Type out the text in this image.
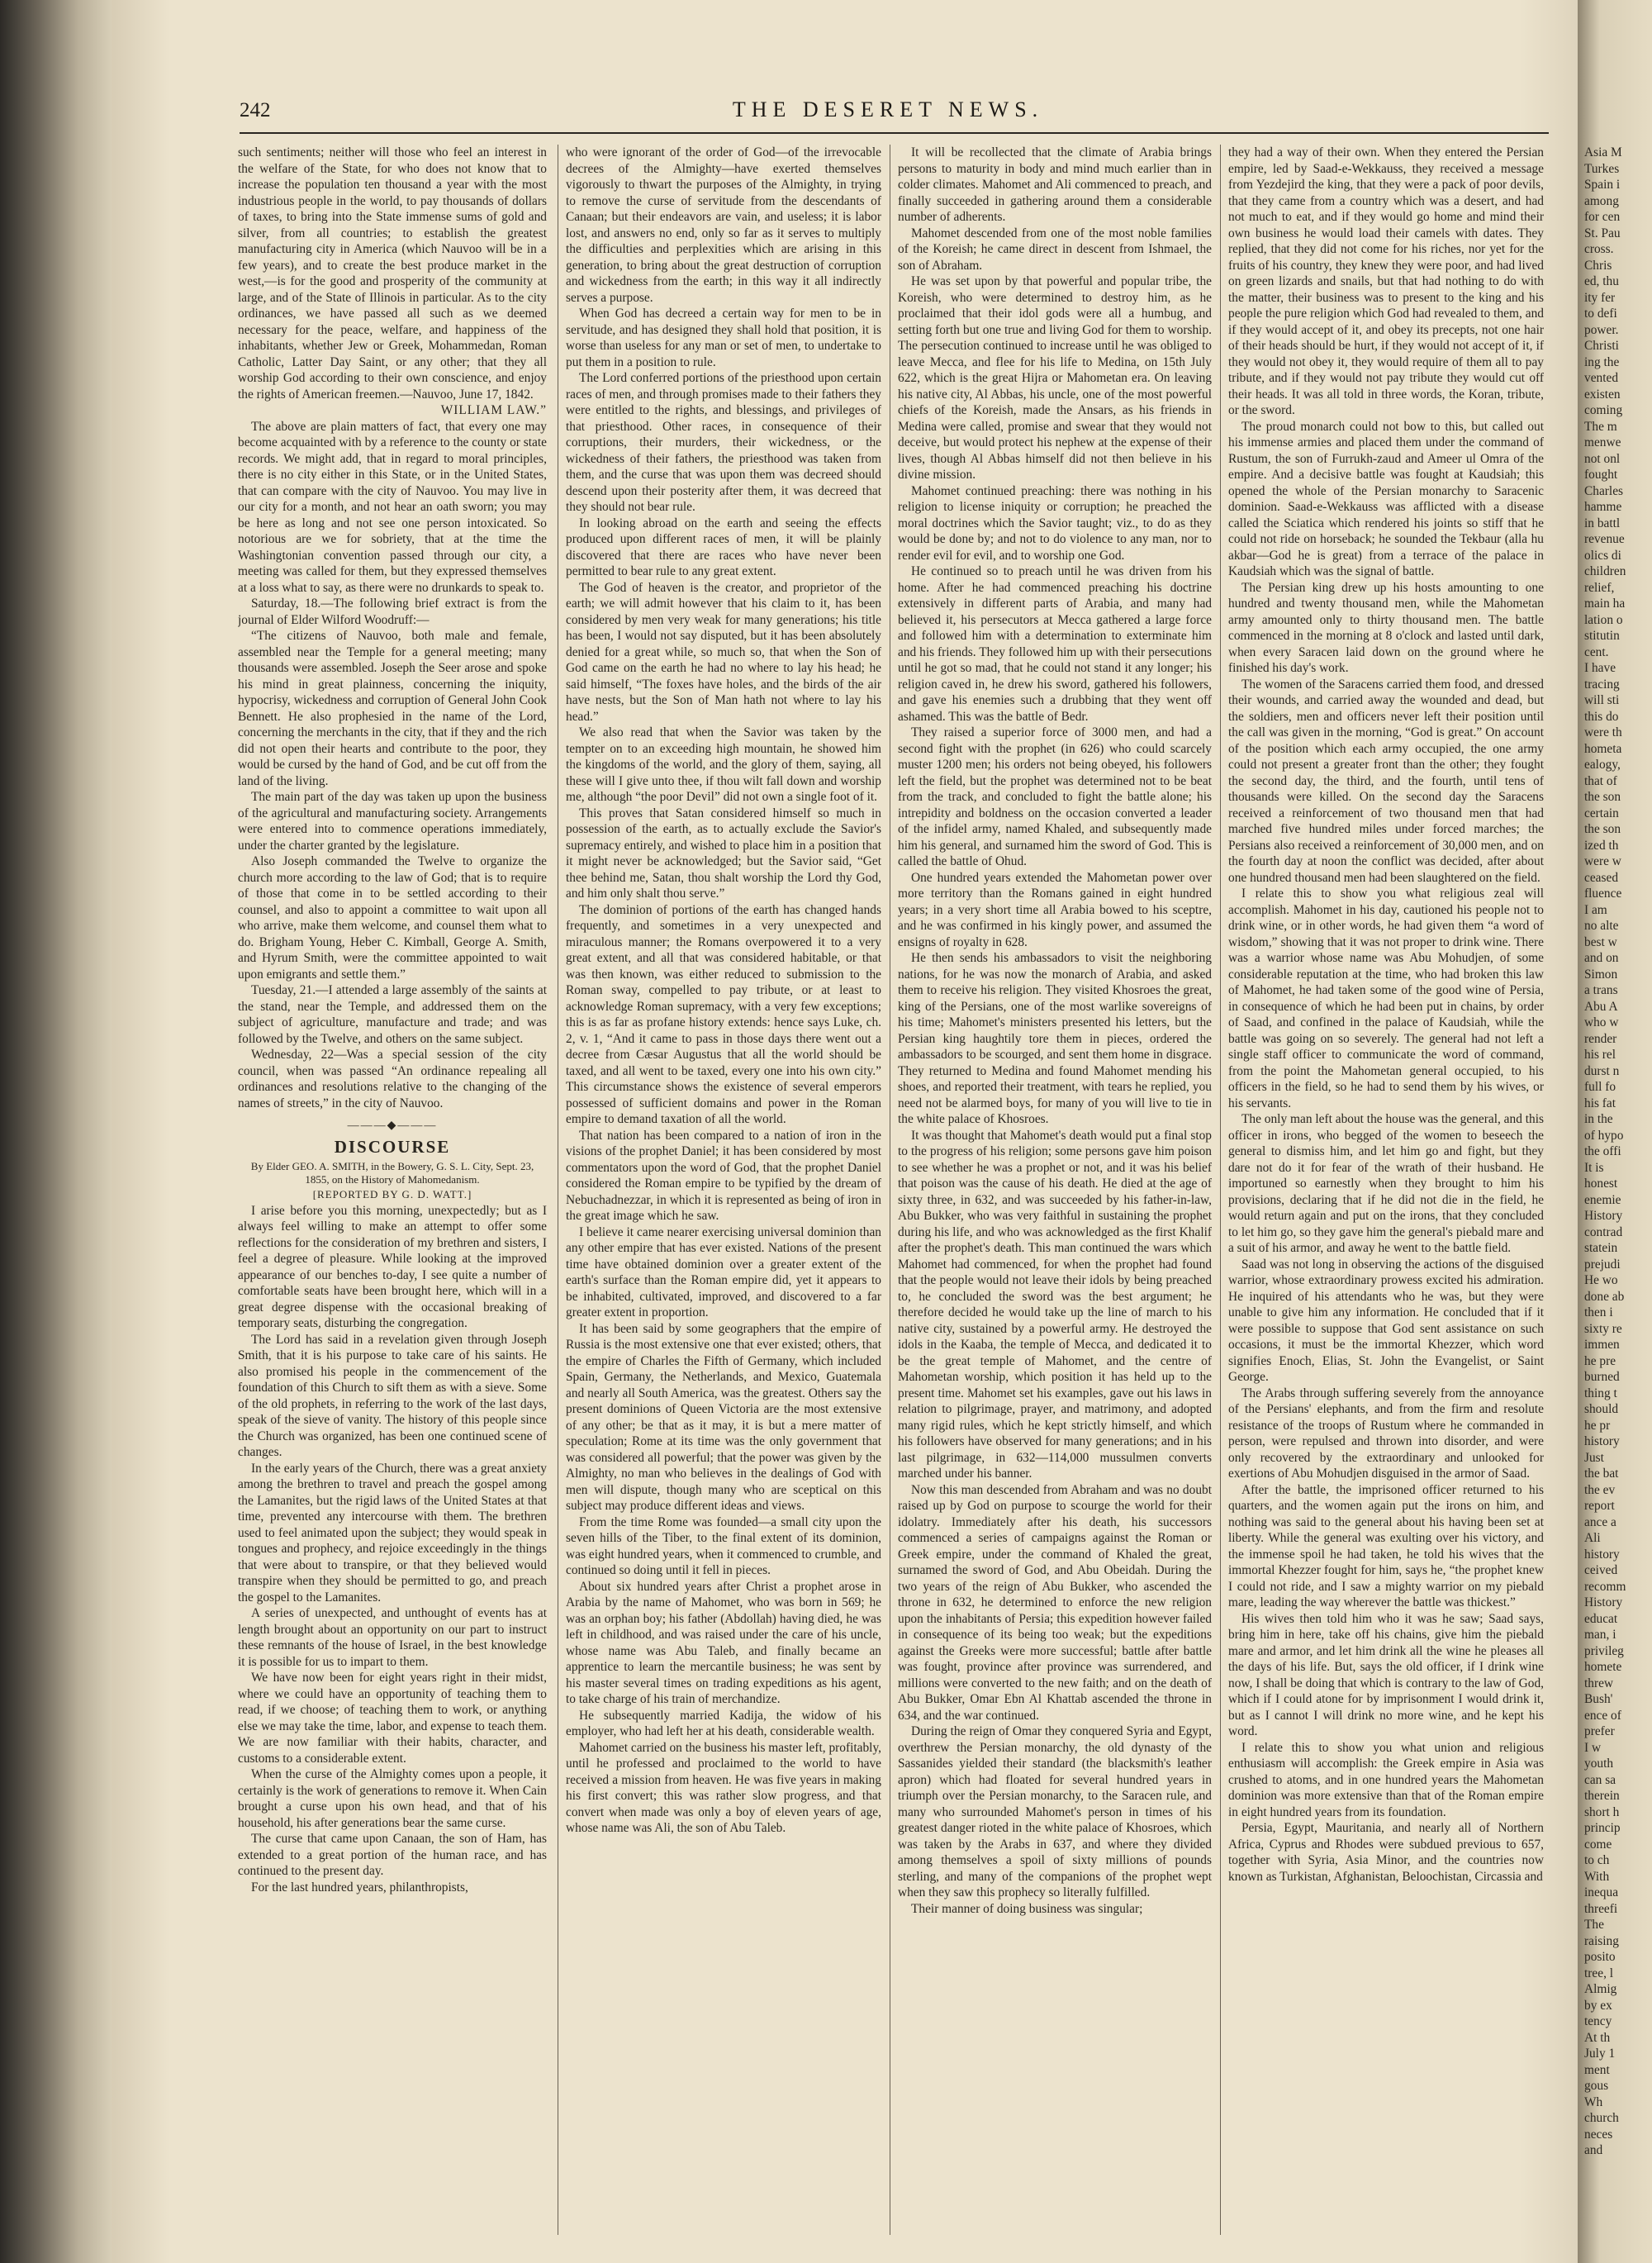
242	THE DESERET NEWS.

such sentiments; neither will those who feel an interest in the welfare of the State, for who does not know that to increase the population ten thousand a year with the most industrious people in the world, to pay thousands of dollars of taxes, to bring into the State immense sums of gold and silver, from all countries; to establish the greatest manufacturing city in America (which Nauvoo will be in a few years), and to create the best produce market in the west,—is for the good and prosperity of the community at large, and of the State of Illinois in particular. As to the city ordinances, we have passed all such as we deemed necessary for the peace, welfare, and happiness of the inhabitants, whether Jew or Greek, Mohammedan, Roman Catholic, Latter Day Saint, or any other; that they all worship God according to their own conscience, and enjoy the rights of American freemen.—Nauvoo, June 17, 1842.

WILLIAM LAW.”

The above are plain matters of fact, that every one may become acquainted with by a reference to the county or state records. We might add, that in regard to moral principles, there is no city either in this State, or in the United States, that can compare with the city of Nauvoo. You may live in our city for a month, and not hear an oath sworn; you may be here as long and not see one person intoxicated. So notorious are we for sobriety, that at the time the Washingtonian convention passed through our city, a meeting was called for them, but they expressed themselves at a loss what to say, as there were no drunkards to speak to.

Saturday, 18.—The following brief extract is from the journal of Elder Wilford Woodruff:—

“The citizens of Nauvoo, both male and female, assembled near the Temple for a general meeting; many thousands were assembled. Joseph the Seer arose and spoke his mind in great plainness, concerning the iniquity, hypocrisy, wickedness and corruption of General John Cook Bennett. He also prophesied in the name of the Lord, concerning the merchants in the city, that if they and the rich did not open their hearts and contribute to the poor, they would be cursed by the hand of God, and be cut off from the land of the living.

The main part of the day was taken up upon the business of the agricultural and manufacturing society. Arrangements were entered into to commence operations immediately, under the charter granted by the legislature.

Also Joseph commanded the Twelve to organize the church more according to the law of God; that is to require of those that come in to be settled according to their counsel, and also to appoint a committee to wait upon all who arrive, make them welcome, and counsel them what to do. Brigham Young, Heber C. Kimball, George A. Smith, and Hyrum Smith, were the committee appointed to wait upon emigrants and settle them.”

Tuesday, 21.—I attended a large assembly of the saints at the stand, near the Temple, and addressed them on the subject of agriculture, manufacture and trade; and was followed by the Twelve, and others on the same subject.

Wednesday, 22—Was a special session of the city council, when was passed “An ordinance repealing all ordinances and resolutions relative to the changing of the names of streets,” in the city of Nauvoo.

———◆———
DISCOURSE

By Elder GEO. A. SMITH, in the Bowery, G. S. L. City, Sept. 23, 1855, on the History of Mahomedanism.

[REPORTED BY G. D. WATT.]

I arise before you this morning, unexpectedly; but as I always feel willing to make an attempt to offer some reflections for the consideration of my brethren and sisters, I feel a degree of pleasure. While looking at the improved appearance of our benches to-day, I see quite a number of comfortable seats have been brought here, which will in a great degree dispense with the occasional breaking of temporary seats, disturbing the congregation.

The Lord has said in a revelation given through Joseph Smith, that it is his purpose to take care of his saints. He also promised his people in the commencement of the foundation of this Church to sift them as with a sieve. Some of the old prophets, in referring to the work of the last days, speak of the sieve of vanity. The history of this people since the Church was organized, has been one continued scene of changes.

In the early years of the Church, there was a great anxiety among the brethren to travel and preach the gospel among the Lamanites, but the rigid laws of the United States at that time, prevented any intercourse with them. The brethren used to feel animated upon the subject; they would speak in tongues and prophecy, and rejoice exceedingly in the things that were about to transpire, or that they believed would transpire when they should be permitted to go, and preach the gospel to the Lamanites.

A series of unexpected, and unthought of events has at length brought about an opportunity on our part to instruct these remnants of the house of Israel, in the best knowledge it is possible for us to impart to them.

We have now been for eight years right in their midst, where we could have an opportunity of teaching them to read, if we choose; of teaching them to work, or anything else we may take the time, labor, and expense to teach them. We are now familiar with their habits, character, and customs to a considerable extent.

When the curse of the Almighty comes upon a people, it certainly is the work of generations to remove it. When Cain brought a curse upon his own head, and that of his household, his after generations bear the same curse.

The curse that came upon Canaan, the son of Ham, has extended to a great portion of the human race, and has continued to the present day.

For the last hundred years, philanthropists,

who were ignorant of the order of God—of the irrevocable decrees of the Almighty—have exerted themselves vigorously to thwart the purposes of the Almighty, in trying to remove the curse of servitude from the descendants of Canaan; but their endeavors are vain, and useless; it is labor lost, and answers no end, only so far as it serves to multiply the difficulties and perplexities which are arising in this generation, to bring about the great destruction of corruption and wickedness from the earth; in this way it all indirectly serves a purpose.

When God has decreed a certain way for men to be in servitude, and has designed they shall hold that position, it is worse than useless for any man or set of men, to undertake to put them in a position to rule.

The Lord conferred portions of the priesthood upon certain races of men, and through promises made to their fathers they were entitled to the rights, and blessings, and privileges of that priesthood. Other races, in consequence of their corruptions, their murders, their wickedness, or the wickedness of their fathers, the priesthood was taken from them, and the curse that was upon them was decreed should descend upon their posterity after them, it was decreed that they should not bear rule.

In looking abroad on the earth and seeing the effects produced upon different races of men, it will be plainly discovered that there are races who have never been permitted to bear rule to any great extent.

The God of heaven is the creator, and proprietor of the earth; we will admit however that his claim to it, has been considered by men very weak for many generations; his title has been, I would not say disputed, but it has been absolutely denied for a great while, so much so, that when the Son of God came on the earth he had no where to lay his head; he said himself, “The foxes have holes, and the birds of the air have nests, but the Son of Man hath not where to lay his head.”

We also read that when the Savior was taken by the tempter on to an exceeding high mountain, he showed him the kingdoms of the world, and the glory of them, saying, all these will I give unto thee, if thou wilt fall down and worship me, although “the poor Devil” did not own a single foot of it.

This proves that Satan considered himself so much in possession of the earth, as to actually exclude the Savior's supremacy entirely, and wished to place him in a position that it might never be acknowledged; but the Savior said, “Get thee behind me, Satan, thou shalt worship the Lord thy God, and him only shalt thou serve.”

The dominion of portions of the earth has changed hands frequently, and sometimes in a very unexpected and miraculous manner; the Romans overpowered it to a very great extent, and all that was considered habitable, or that was then known, was either reduced to submission to the Roman sway, compelled to pay tribute, or at least to acknowledge Roman supremacy, with a very few exceptions; this is as far as profane history extends: hence says Luke, ch. 2, v. 1, “And it came to pass in those days there went out a decree from Cæsar Augustus that all the world should be taxed, and all went to be taxed, every one into his own city.” This circumstance shows the existence of several emperors possessed of sufficient domains and power in the Roman empire to demand taxation of all the world.

That nation has been compared to a nation of iron in the visions of the prophet Daniel; it has been considered by most commentators upon the word of God, that the prophet Daniel considered the Roman empire to be typified by the dream of Nebuchadnezzar, in which it is represented as being of iron in the great image which he saw.

I believe it came nearer exercising universal dominion than any other empire that has ever existed. Nations of the present time have obtained dominion over a greater extent of the earth's surface than the Roman empire did, yet it appears to be inhabited, cultivated, improved, and discovered to a far greater extent in proportion.

It has been said by some geographers that the empire of Russia is the most extensive one that ever existed; others, that the empire of Charles the Fifth of Germany, which included Spain, Germany, the Netherlands, and Mexico, Guatemala and nearly all South America, was the greatest. Others say the present dominions of Queen Victoria are the most extensive of any other; be that as it may, it is but a mere matter of speculation; Rome at its time was the only government that was considered all powerful; that the power was given by the Almighty, no man who believes in the dealings of God with men will dispute, though many who are sceptical on this subject may produce different ideas and views.

From the time Rome was founded—a small city upon the seven hills of the Tiber, to the final extent of its dominion, was eight hundred years, when it commenced to crumble, and continued so doing until it fell in pieces.

About six hundred years after Christ a prophet arose in Arabia by the name of Mahomet, who was born in 569; he was an orphan boy; his father (Abdollah) having died, he was left in childhood, and was raised under the care of his uncle, whose name was Abu Taleb, and finally became an apprentice to learn the mercantile business; he was sent by his master several times on trading expeditions as his agent, to take charge of his train of merchandize.

He subsequently married Kadija, the widow of his employer, who had left her at his death, considerable wealth.

Mahomet carried on the business his master left, profitably, until he professed and proclaimed to the world to have received a mission from heaven. He was five years in making his first convert; this was rather slow progress, and that convert when made was only a boy of eleven years of age, whose name was Ali, the son of Abu Taleb.

It will be recollected that the climate of Arabia brings persons to maturity in body and mind much earlier than in colder climates. Mahomet and Ali commenced to preach, and finally succeeded in gathering around them a considerable number of adherents.

Mahomet descended from one of the most noble families of the Koreish; he came direct in descent from Ishmael, the son of Abraham.

He was set upon by that powerful and popular tribe, the Koreish, who were determined to destroy him, as he proclaimed that their idol gods were all a humbug, and setting forth but one true and living God for them to worship. The persecution continued to increase until he was obliged to leave Mecca, and flee for his life to Medina, on 15th July 622, which is the great Hijra or Mahometan era. On leaving his native city, Al Abbas, his uncle, one of the most powerful chiefs of the Koreish, made the Ansars, as his friends in Medina were called, promise and swear that they would not deceive, but would protect his nephew at the expense of their lives, though Al Abbas himself did not then believe in his divine mission.

Mahomet continued preaching: there was nothing in his religion to license iniquity or corruption; he preached the moral doctrines which the Savior taught; viz., to do as they would be done by; and not to do violence to any man, nor to render evil for evil, and to worship one God.

He continued so to preach until he was driven from his home. After he had commenced preaching his doctrine extensively in different parts of Arabia, and many had believed it, his persecutors at Mecca gathered a large force and followed him with a determination to exterminate him and his friends. They followed him up with their persecutions until he got so mad, that he could not stand it any longer; his religion caved in, he drew his sword, gathered his followers, and gave his enemies such a drubbing that they went off ashamed. This was the battle of Bedr.

They raised a superior force of 3000 men, and had a second fight with the prophet (in 626) who could scarcely muster 1200 men; his orders not being obeyed, his followers left the field, but the prophet was determined not to be beat from the track, and concluded to fight the battle alone; his intrepidity and boldness on the occasion converted a leader of the infidel army, named Khaled, and subsequently made him his general, and surnamed him the sword of God. This is called the battle of Ohud.

One hundred years extended the Mahometan power over more territory than the Romans gained in eight hundred years; in a very short time all Arabia bowed to his sceptre, and he was confirmed in his kingly power, and assumed the ensigns of royalty in 628.

He then sends his ambassadors to visit the neighboring nations, for he was now the monarch of Arabia, and asked them to receive his religion. They visited Khosroes the great, king of the Persians, one of the most warlike sovereigns of his time; Mahomet's ministers presented his letters, but the Persian king haughtily tore them in pieces, ordered the ambassadors to be scourged, and sent them home in disgrace. They returned to Medina and found Mahomet mending his shoes, and reported their treatment, with tears he replied, you need not be alarmed boys, for many of you will live to tie in the white palace of Khosroes.

It was thought that Mahomet's death would put a final stop to the progress of his religion; some persons gave him poison to see whether he was a prophet or not, and it was his belief that poison was the cause of his death. He died at the age of sixty three, in 632, and was succeeded by his father-in-law, Abu Bukker, who was very faithful in sustaining the prophet during his life, and who was acknowledged as the first Khalif after the prophet's death. This man continued the wars which Mahomet had commenced, for when the prophet had found that the people would not leave their idols by being preached to, he concluded the sword was the best argument; he therefore decided he would take up the line of march to his native city, sustained by a powerful army. He destroyed the idols in the Kaaba, the temple of Mecca, and dedicated it to be the great temple of Mahomet, and the centre of Mahometan worship, which position it has held up to the present time. Mahomet set his examples, gave out his laws in relation to pilgrimage, prayer, and matrimony, and adopted many rigid rules, which he kept strictly himself, and which his followers have observed for many generations; and in his last pilgrimage, in 632—114,000 mussulmen converts marched under his banner.

Now this man descended from Abraham and was no doubt raised up by God on purpose to scourge the world for their idolatry. Immediately after his death, his successors commenced a series of campaigns against the Roman or Greek empire, under the command of Khaled the great, surnamed the sword of God, and Abu Obeidah. During the two years of the reign of Abu Bukker, who ascended the throne in 632, he determined to enforce the new religion upon the inhabitants of Persia; this expedition however failed in consequence of its being too weak; but the expeditions against the Greeks were more successful; battle after battle was fought, province after province was surrendered, and millions were converted to the new faith; and on the death of Abu Bukker, Omar Ebn Al Khattab ascended the throne in 634, and the war continued.

During the reign of Omar they conquered Syria and Egypt, overthrew the Persian monarchy, the old dynasty of the Sassanides yielded their standard (the blacksmith's leather apron) which had floated for several hundred years in triumph over the Persian monarchy, to the Saracen rule, and many who surrounded Mahomet's person in times of his greatest danger rioted in the white palace of Khosroes, which was taken by the Arabs in 637, and where they divided among themselves a spoil of sixty millions of pounds sterling, and many of the companions of the prophet wept when they saw this prophecy so literally fulfilled.

Their manner of doing business was singular;

they had a way of their own. When they entered the Persian empire, led by Saad-e-Wekkauss, they received a message from Yezdejird the king, that they were a pack of poor devils, that they came from a country which was a desert, and had not much to eat, and if they would go home and mind their own business he would load their camels with dates. They replied, that they did not come for his riches, nor yet for the fruits of his country, they knew they were poor, and had lived on green lizards and snails, but that had nothing to do with the matter, their business was to present to the king and his people the pure religion which God had revealed to them, and if they would accept of it, and obey its precepts, not one hair of their heads should be hurt, if they would not accept of it, if they would not obey it, they would require of them all to pay tribute, and if they would not pay tribute they would cut off their heads. It was all told in three words, the Koran, tribute, or the sword.

The proud monarch could not bow to this, but called out his immense armies and placed them under the command of Rustum, the son of Furrukh-zaud and Ameer ul Omra of the empire. And a decisive battle was fought at Kaudsiah; this opened the whole of the Persian monarchy to Saracenic dominion. Saad-e-Wekkauss was afflicted with a disease called the Sciatica which rendered his joints so stiff that he could not ride on horseback; he sounded the Tekbaur (alla hu akbar—God he is great) from a terrace of the palace in Kaudsiah which was the signal of battle.

The Persian king drew up his hosts amounting to one hundred and twenty thousand men, while the Mahometan army amounted only to thirty thousand men. The battle commenced in the morning at 8 o'clock and lasted until dark, when every Saracen laid down on the ground where he finished his day's work.

The women of the Saracens carried them food, and dressed their wounds, and carried away the wounded and dead, but the soldiers, men and officers never left their position until the call was given in the morning, “God is great.” On account of the position which each army occupied, the one army could not present a greater front than the other; they fought the second day, the third, and the fourth, until tens of thousands were killed. On the second day the Saracens received a reinforcement of two thousand men that had marched five hundred miles under forced marches; the Persians also received a reinforcement of 30,000 men, and on the fourth day at noon the conflict was decided, after about one hundred thousand men had been slaughtered on the field.

I relate this to show you what religious zeal will accomplish. Mahomet in his day, cautioned his people not to drink wine, or in other words, he had given them “a word of wisdom,” showing that it was not proper to drink wine. There was a warrior whose name was Abu Mohudjen, of some considerable reputation at the time, who had broken this law of Mahomet, he had taken some of the good wine of Persia, in consequence of which he had been put in chains, by order of Saad, and confined in the palace of Kaudsiah, while the battle was going on so severely. The general had not left a single staff officer to communicate the word of command, from the point the Mahometan general occupied, to his officers in the field, so he had to send them by his wives, or his servants.

The only man left about the house was the general, and this officer in irons, who begged of the women to beseech the general to dismiss him, and let him go and fight, but they dare not do it for fear of the wrath of their husband. He importuned so earnestly when they brought to him his provisions, declaring that if he did not die in the field, he would return again and put on the irons, that they concluded to let him go, so they gave him the general's piebald mare and a suit of his armor, and away he went to the battle field.

Saad was not long in observing the actions of the disguised warrior, whose extraordinary prowess excited his admiration. He inquired of his attendants who he was, but they were unable to give him any information. He concluded that if it were possible to suppose that God sent assistance on such occasions, it must be the immortal Khezzer, which word signifies Enoch, Elias, St. John the Evangelist, or Saint George.

The Arabs through suffering severely from the annoyance of the Persians' elephants, and from the firm and resolute resistance of the troops of Rustum where he commanded in person, were repulsed and thrown into disorder, and were only recovered by the extraordinary and unlooked for exertions of Abu Mohudjen disguised in the armor of Saad.

After the battle, the imprisoned officer returned to his quarters, and the women again put the irons on him, and nothing was said to the general about his having been set at liberty. While the general was exulting over his victory, and the immense spoil he had taken, he told his wives that the immortal Khezzer fought for him, says he, “the prophet knew I could not ride, and I saw a mighty warrior on my piebald mare, leading the way wherever the battle was thickest.”

His wives then told him who it was he saw; Saad says, bring him in here, take off his chains, give him the piebald mare and armor, and let him drink all the wine he pleases all the days of his life. But, says the old officer, if I drink wine now, I shall be doing that which is contrary to the law of God, which if I could atone for by imprisonment I would drink it, but as I cannot I will drink no more wine, and he kept his word.

I relate this to show you what union and religious enthusiasm will accomplish: the Greek empire in Asia was crushed to atoms, and in one hundred years the Mahometan dominion was more extensive than that of the Roman empire in eight hundred years from its foundation.

Persia, Egypt, Mauritania, and nearly all of Northern Africa, Cyprus and Rhodes were subdued previous to 657, together with Syria, Asia Minor, and the countries now known as Turkistan, Afghanistan, Beloochistan, Circassia and

Asia M
Turkes
Spain i
among
for cen
St. Pau
cross.
Chris
ed, thu
ity fer
to defi
power.
Christi
ing the
vented
existen
coming
The m
menwe
not onl
fought
Charles
hamme
in battl
revenue
olics di
children
relief,
main ha
lation o
stitutin
cent.
I have
tracing
will sti
this do
were th
hometa
ealogy,
that of
the son
certain
the son
ized th
were w
ceased
fluence
I am
no alte
best w
and on
Simon
a trans
Abu A
who w
render
his rel
durst n
full fo
his fat
in the
of hypo
the offi
It is
honest
enemie
History
contrad
statein
prejudi
He wo
done ab
then i
sixty re
immen
he pre
burned
thing t
should
he pr
history
Just
the bat
the ev
report
ance a
Ali
history
ceived
recomm
History
educat
man, i
privileg
homete
threw
Bush'
ence of
prefer
I w
youth
can sa
therein
short h
princip
come
to ch
With
inequa
threefi
The
raising
posito
tree, l
Almig
by ex
tency
At th
July 1
ment
gous
Wh
church
neces
and
